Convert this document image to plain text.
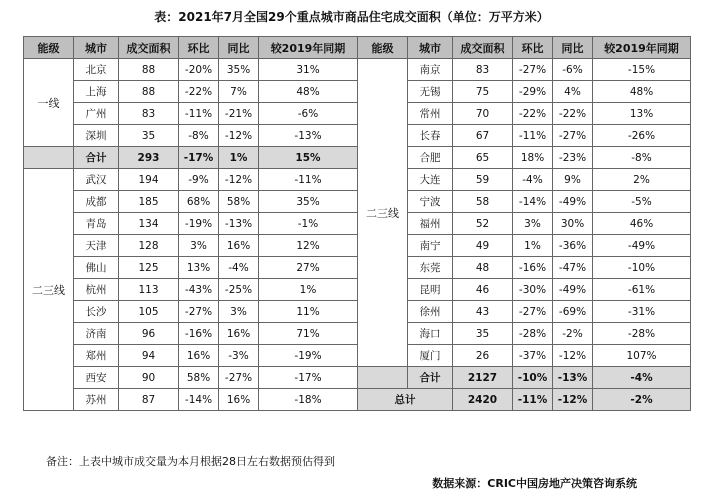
表：2021年7月全国29个重点城市商品住宅成交面积（单位：万平方米）
能级	城市	成交面积	环比	同比	较2019年同期	能级	城市	成交面积	环比	同比	较2019年同期
一线	北京	88	-20%	35%	31%	二三线	南京	83	-27%	-6%	-15%
	上海	88	-22%	7%	48%		无锡	75	-29%	4%	48%
	广州	83	-11%	-21%	-6%		常州	70	-22%	-22%	13%
	深圳	35	-8%	-12%	-13%		长春	67	-11%	-27%	-26%
	合计	293	-17%	1%	15%		合肥	65	18%	-23%	-8%
二三线	武汉	194	-9%	-12%	-11%		大连	59	-4%	9%	2%
	成都	185	68%	58%	35%		宁波	58	-14%	-49%	-5%
	青岛	134	-19%	-13%	-1%		福州	52	3%	30%	46%
	天津	128	3%	16%	12%		南宁	49	1%	-36%	-49%
	佛山	125	13%	-4%	27%		东莞	48	-16%	-47%	-10%
	杭州	113	-43%	-25%	1%		昆明	46	-30%	-49%	-61%
	长沙	105	-27%	3%	11%		徐州	43	-27%	-69%	-31%
	济南	96	-16%	16%	71%		海口	35	-28%	-2%	-28%
	郑州	94	16%	-3%	-19%		厦门	26	-37%	-12%	107%
	西安	90	58%	-27%	-17%		合计	2127	-10%	-13%	-4%
	苏州	87	-14%	16%	-18%	总计		2420	-11%	-12%	-2%
备注：上表中城市成交量为本月根据28日左右数据预估得到
数据来源：CRIC中国房地产决策咨询系统
